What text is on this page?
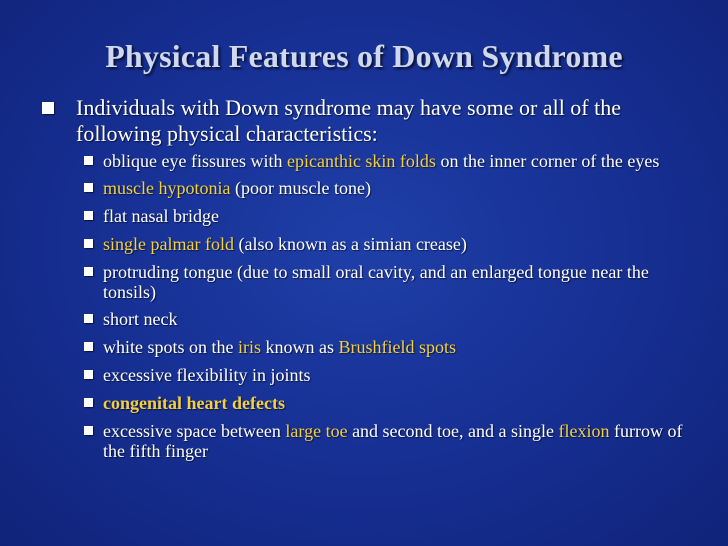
Physical Features of Down Syndrome
Individuals with Down syndrome may have some or all of the following physical characteristics:
oblique eye fissures with epicanthic skin folds on the inner corner of the eyes
muscle hypotonia (poor muscle tone)
flat nasal bridge
single palmar fold (also known as a simian crease)
protruding tongue (due to small oral cavity, and an enlarged tongue near the tonsils)
short neck
white spots on the iris known as Brushfield spots
excessive flexibility in joints
congenital heart defects
excessive space between large toe and second toe, and a single flexion furrow of the fifth finger
